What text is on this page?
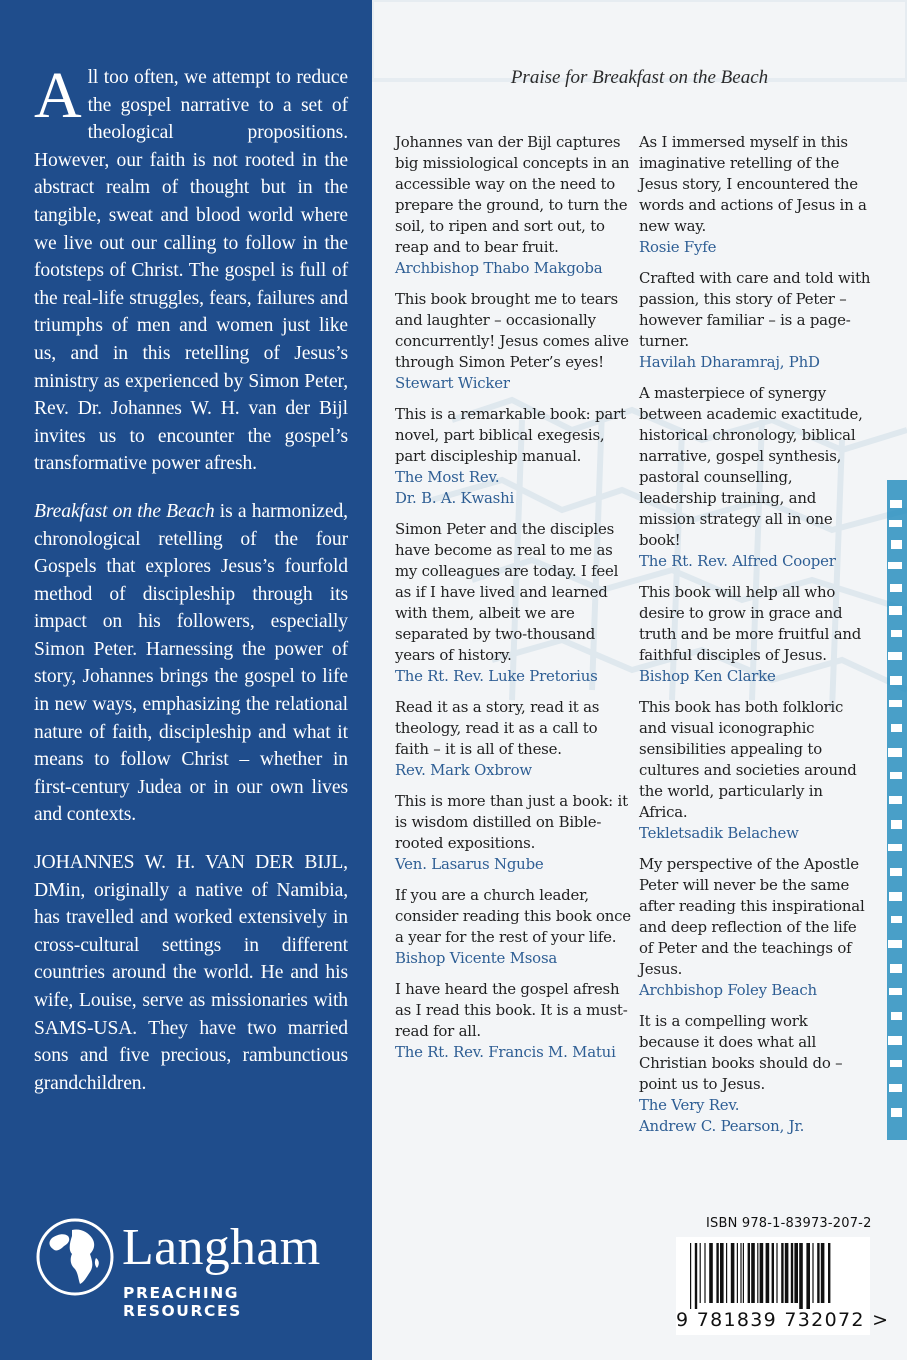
All too often, we attempt to reduce the gospel narrative to a set of theological propositions. However, our faith is not rooted in the abstract realm of thought but in the tangible, sweat and blood world where we live out our calling to follow in the footsteps of Christ. The gospel is full of the real-life struggles, fears, failures and triumphs of men and women just like us, and in this retelling of Jesus’s ministry as experienced by Simon Peter, Rev. Dr. Johannes W. H. van der Bijl invites us to encounter the gospel’s transformative power afresh.

Breakfast on the Beach is a harmonized, chronological retelling of the four Gospels that explores Jesus’s fourfold method of discipleship through its impact on his followers, especially Simon Peter. Harnessing the power of story, Johannes brings the gospel to life in new ways, emphasizing the relational nature of faith, discipleship and what it means to follow Christ – whether in first-century Judea or in our own lives and contexts.

JOHANNES W. H. VAN DER BIJL, DMin, originally a native of Namibia, has travelled and worked extensively in cross-cultural settings in different countries around the world. He and his wife, Louise, serve as missionaries with SAMS-USA. They have two married sons and five precious, rambunctious grandchildren.

Langham
PREACHING RESOURCES
Praise for Breakfast on the Beach
Johannes van der Bijl captures big missiological concepts in an accessible way on the need to prepare the ground, to turn the soil, to ripen and sort out, to reap and to bear fruit.
Archbishop Thabo Makgoba
This book brought me to tears and laughter – occasionally concurrently! Jesus comes alive through Simon Peter’s eyes!
Stewart Wicker
This is a remarkable book: part novel, part biblical exegesis, part discipleship manual.
The Most Rev.
Dr. B. A. Kwashi
Simon Peter and the disciples have become as real to me as my colleagues are today. I feel as if I have lived and learned with them, albeit we are separated by two-thousand years of history.
The Rt. Rev. Luke Pretorius
Read it as a story, read it as theology, read it as a call to faith – it is all of these.
Rev. Mark Oxbrow
This is more than just a book: it is wisdom distilled on Bible-rooted expositions.
Ven. Lasarus Ngube
If you are a church leader, consider reading this book once a year for the rest of your life.
Bishop Vicente Msosa
I have heard the gospel afresh as I read this book. It is a must-read for all.
The Rt. Rev. Francis M. Matui
As I immersed myself in this imaginative retelling of the Jesus story, I encountered the words and actions of Jesus in a new way.
Rosie Fyfe
Crafted with care and told with passion, this story of Peter – however familiar – is a page-turner.
Havilah Dharamraj, PhD
A masterpiece of synergy between academic exactitude, historical chronology, biblical narrative, gospel synthesis, pastoral counselling, leadership training, and mission strategy all in one book!
The Rt. Rev. Alfred Cooper
This book will help all who desire to grow in grace and truth and be more fruitful and faithful disciples of Jesus.
Bishop Ken Clarke
This book has both folkloric and visual iconographic sensibilities appealing to cultures and societies around the world, particularly in Africa.
Tekletsadik Belachew
My perspective of the Apostle Peter will never be the same after reading this inspirational and deep reflection of the life of Peter and the teachings of Jesus.
Archbishop Foley Beach
It is a compelling work because it does what all Christian books should do – point us to Jesus.
The Very Rev.
Andrew C. Pearson, Jr.
ISBN 978-1-83973-207-2
9 781839 732072 >
